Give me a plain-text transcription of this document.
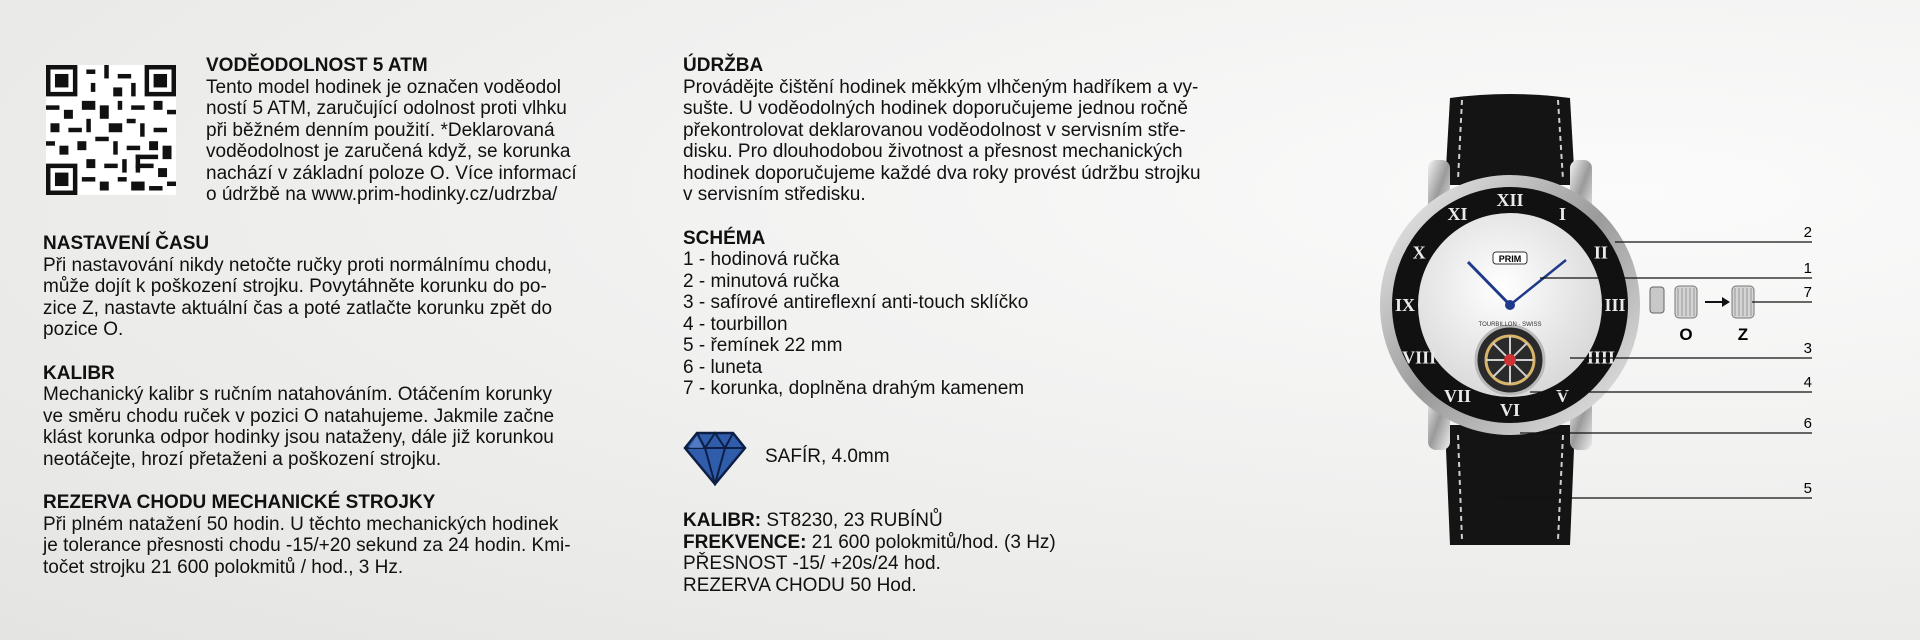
VODĚODOLNOST 5 ATM

Tento model hodinek je označen voděodol

ností 5 ATM, zaručující odolnost proti vlhku

při běžném denním použití. *Deklarovaná

voděodolnost je zaručená když, se korunka

nachází v základní poloze O. Více informací

o údržbě na www.prim-hodinky.cz/udrzba/

NASTAVENÍ ČASU

Při nastavování nikdy netočte ručky proti normálnímu chodu,

může dojít k poškození strojku. Povytáhněte korunku do po-

zice Z, nastavte aktuální čas a poté zatlačte korunku zpět do

pozice O.

KALIBR

Mechanický kalibr s ručním natahováním. Otáčením korunky

ve směru chodu ruček v pozici O natahujeme. Jakmile začne

klást korunka odpor hodinky jsou nataženy, dále již korunkou

neotáčejte, hrozí přetaženi a poškození strojku.

REZERVA CHODU MECHANICKÉ STROJKY

Při plném natažení 50 hodin. U těchto mechanických hodinek

je tolerance přesnosti chodu -15/+20 sekund za 24 hodin. Kmi-

točet strojku 21 600 polokmitů / hod., 3 Hz.

ÚDRŽBA

Provádějte čištění hodinek měkkým vlhčeným hadříkem a vy-

sušte. U voděodolných hodinek doporučujeme jednou ročně

překontrolovat deklarovanou voděodolnost v servisním stře-

disku. Pro dlouhodobou životnost a přesnost mechanických

hodinek doporučujeme každé dva roky provést údržbu strojku

v servisním středisku.

SCHÉMA

1 - hodinová ručka
2 - minutová ručka
3 - safírové antireflexní anti-touch sklíčko
4 - tourbillon
5 - řemínek 22 mm
6 - luneta
7 - korunka, doplněna drahým kamenem
SAFÍR, 4.0mm

KALIBR: ST8230, 23 RUBÍNŮ

FREKVENCE: 21 600 polokmitů/hod. (3 Hz)

PŘESNOST -15/ +20s/24 hod.

REZERVA CHODU 50 Hod.

PRIM
TOURBILLON · SWISS
XII
I
II
III
IIII
V
VI
VII
VIII
IX
X
XI
O	Z
2
1
7
3
4
6
5
